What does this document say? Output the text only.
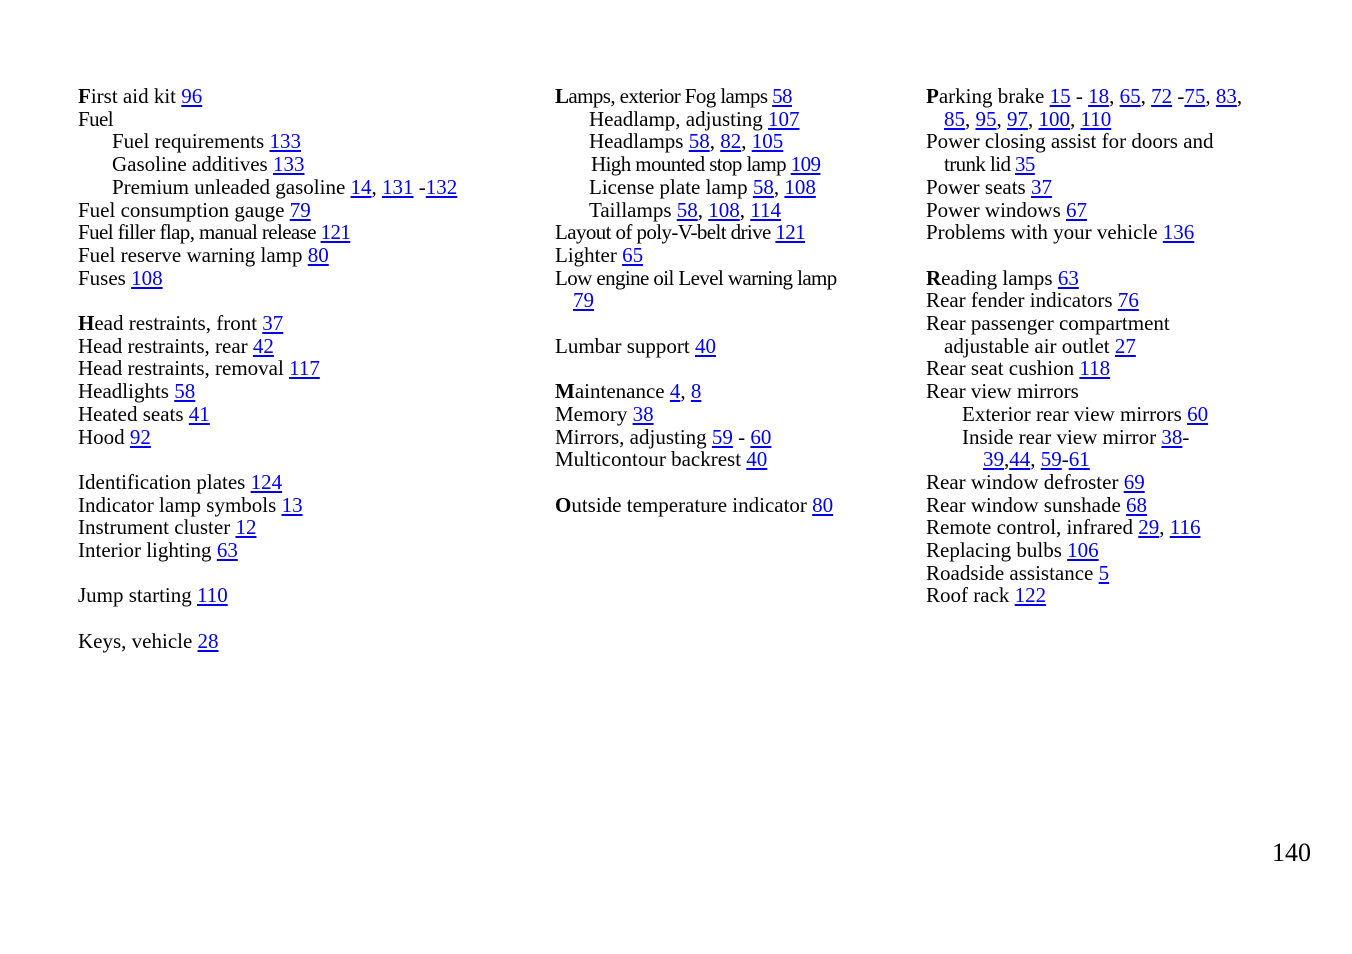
First aid kit 96
Fuel
Fuel requirements 133
Gasoline additives 133
Premium unleaded gasoline 14, 131 -132
Fuel consumption gauge 79
Fuel filler flap, manual release 121
Fuel reserve warning lamp 80
Fuses 108
Head restraints, front 37
Head restraints, rear 42
Head restraints, removal 117
Headlights 58
Heated seats 41
Hood 92
Identification plates 124
Indicator lamp symbols 13
Instrument cluster 12
Interior lighting 63
Jump starting 110
Keys, vehicle 28
Lamps, exterior Fog lamps 58
Headlamp, adjusting 107
Headlamps 58, 82, 105
High mounted stop lamp 109
License plate lamp 58, 108
Taillamps 58, 108, 114
Layout of poly-V-belt drive 121
Lighter 65
Low engine oil Level warning lamp
79
Lumbar support 40
Maintenance 4, 8
Memory 38
Mirrors, adjusting 59 - 60
Multicontour backrest 40
Outside temperature indicator 80
Parking brake 15 - 18, 65, 72 -75, 83,
85, 95, 97, 100, 110
Power closing assist for doors and
trunk lid 35
Power seats 37
Power windows 67
Problems with your vehicle 136
Reading lamps 63
Rear fender indicators 76
Rear passenger compartment
adjustable air outlet 27
Rear seat cushion 118
Rear view mirrors
Exterior rear view mirrors 60
Inside rear view mirror 38-
39,44, 59-61
Rear window defroster 69
Rear window sunshade 68
Remote control, infrared 29, 116
Replacing bulbs 106
Roadside assistance 5
Roof rack 122
140
